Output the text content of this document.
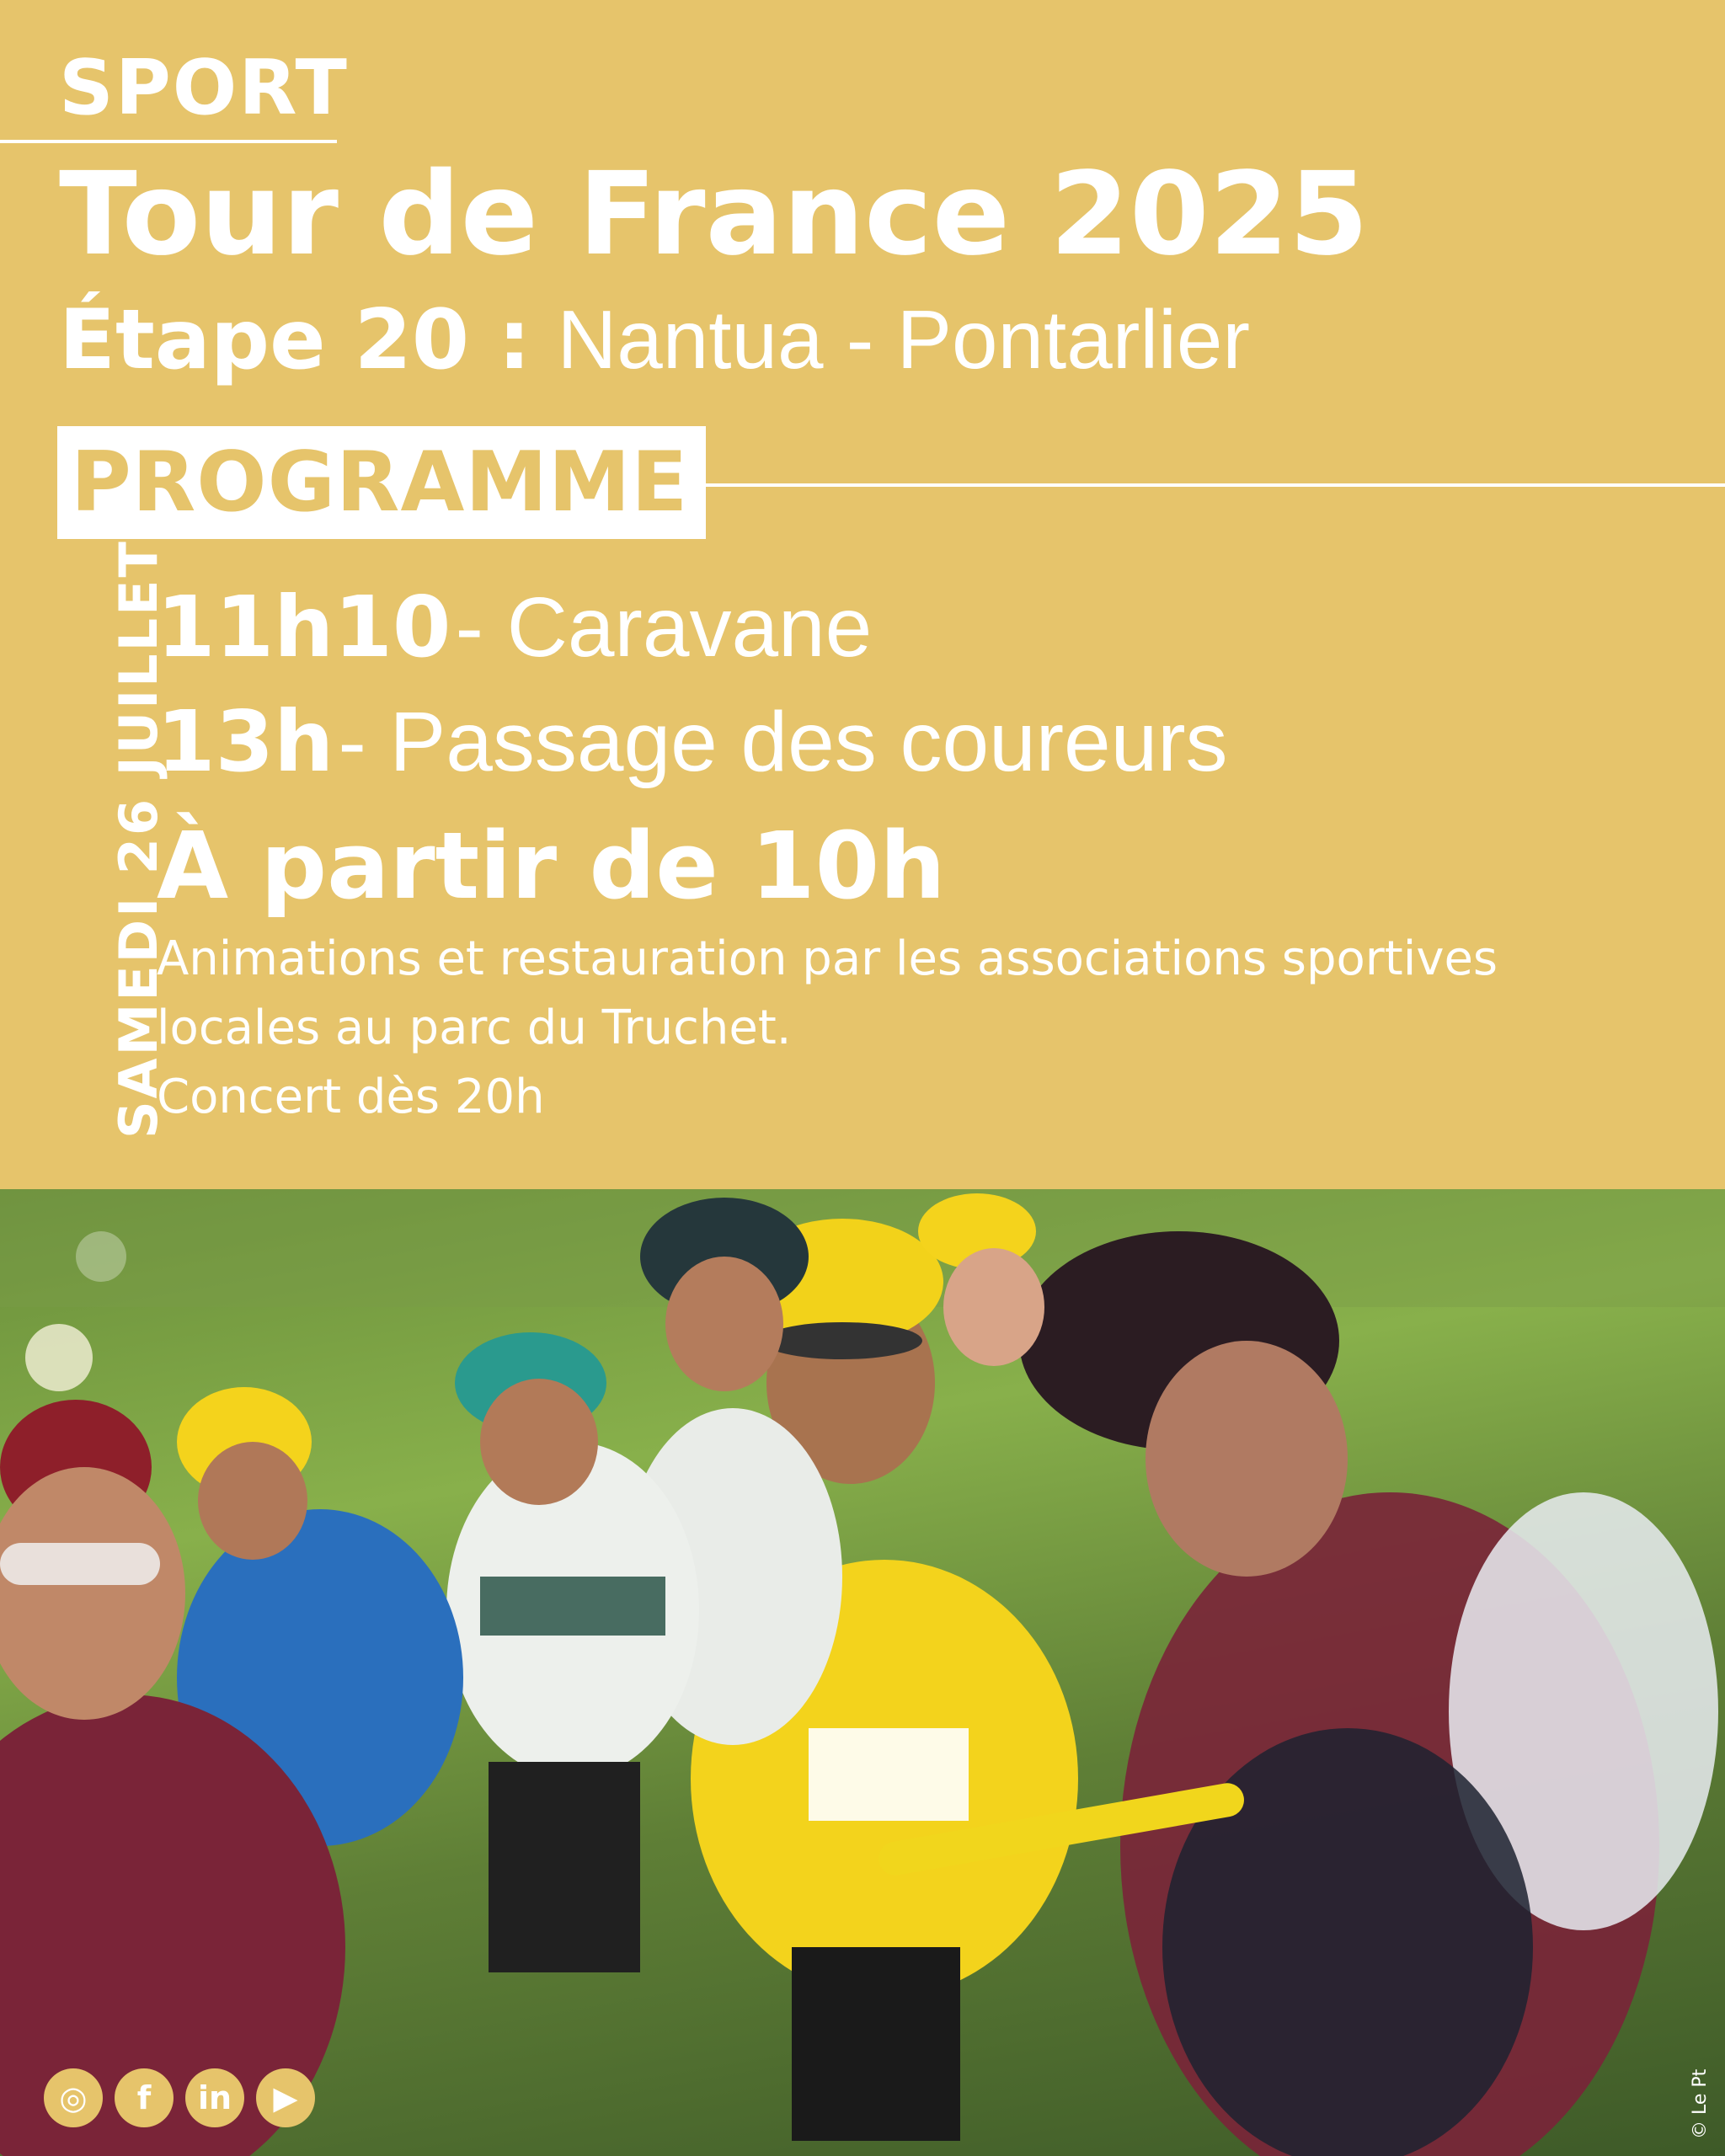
SPORT
Tour de France 2025
Étape 20 : Nantua - Pontarlier
PROGRAMME
SAMEDI 26 JUILLET
11h10 - Caravane
13h - Passage des coureurs
À partir de 10h
Animations et restauration par les associations sportives locales au parc du Truchet.
Concert dès 20h
◎	f	in	▶	© Le Pt
